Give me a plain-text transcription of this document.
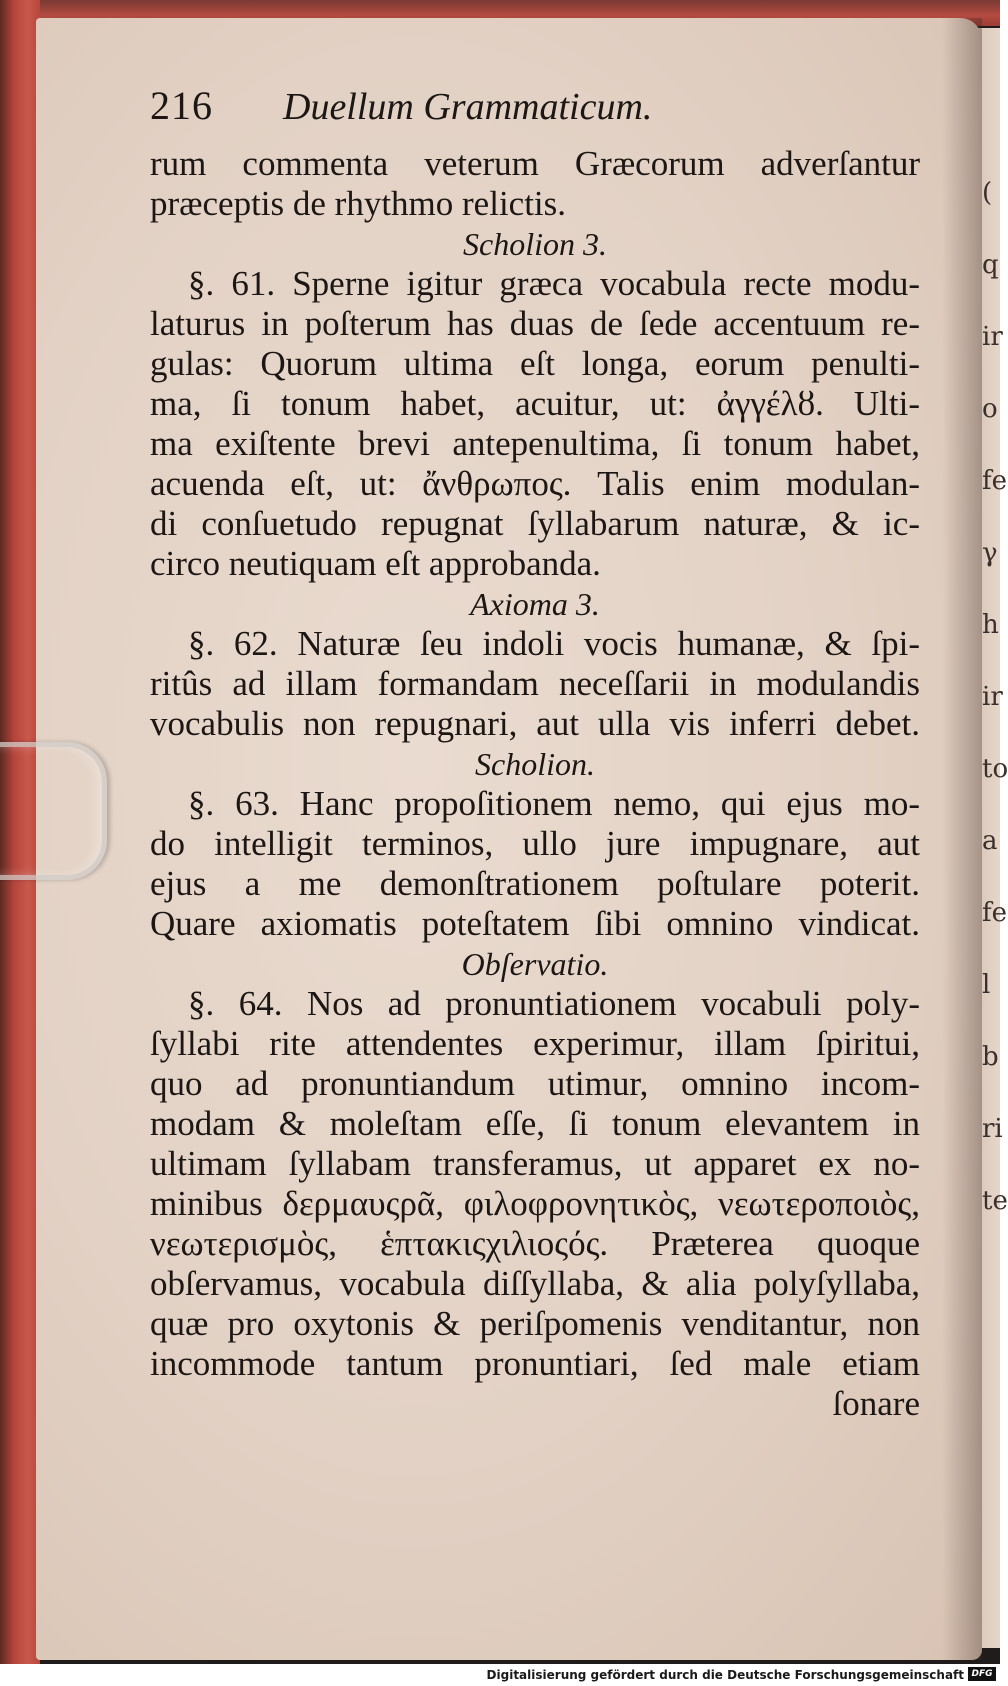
(
q
ir
o
fe
γ
h
ir
to
a
fe
l
b
ri
te
216 Duellum Grammaticum.
rum commenta veterum Græcorum adverſantur
præceptis de rhythmo relictis.
Scholion 3.
§. 61. Sperne igitur græca vocabula recte modu-
laturus in poſterum has duas de ſede accentuum re-
gulas: Quorum ultima eſt longa, eorum penulti-
ma, ſi tonum habet, acuitur, ut: ἀγγέλȣ. Ulti-
ma exiſtente brevi antepenultima, ſi tonum habet,
acuenda eſt, ut: ἄνθρωπος. Talis enim modulan-
di conſuetudo repugnat ſyllabarum naturæ, & ic-
circo neutiquam eſt approbanda.
Axioma 3.
§. 62. Naturæ ſeu indoli vocis humanæ, & ſpi-
ritûs ad illam formandam neceſſarii in modulandis
vocabulis non repugnari, aut ulla vis inferri debet.
Scholion.
§. 63. Hanc propoſitionem nemo, qui ejus mo-
do intelligit terminos, ullo jure impugnare, aut
ejus a me demonſtrationem poſtulare poterit.
Quare axiomatis poteſtatem ſibi omnino vindicat.
Obſervatio.
§. 64. Nos ad pronuntiationem vocabuli poly-
ſyllabi rite attendentes experimur, illam ſpiritui,
quo ad pronuntiandum utimur, omnino incom-
modam & moleſtam eſſe, ſi tonum elevantem in
ultimam ſyllabam transferamus, ut apparet ex no-
minibus δερμαυςρᾶ, φιλοφρονητικὸς, νεωτεροποιὸς,
νεωτερισμὸς, ἑπτακιςχιλιοςός. Præterea quoque
obſervamus, vocabula diſſyllaba, & alia polyſyllaba,
quæ pro oxytonis & periſpomenis venditantur, non
incommode tantum pronuntiari, ſed male etiam
ſonare
Digitalisierung gefördert durch die Deutsche Forschungsgemeinschaft DFG
